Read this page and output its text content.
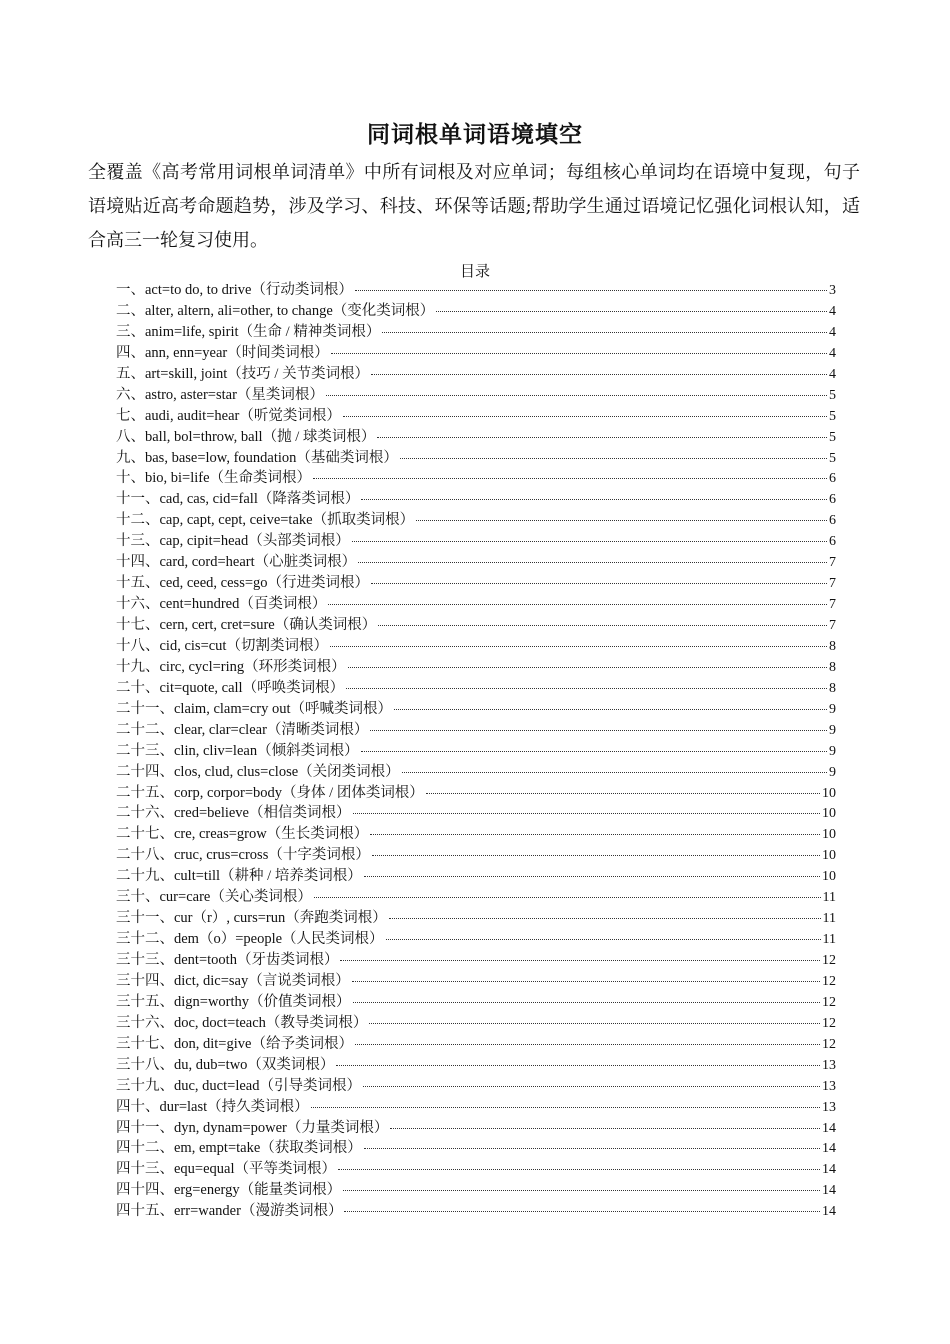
同词根单词语境填空
全覆盖《高考常用词根单词清单》中所有词根及对应单词；每组核心单词均在语境中复现，句子语境贴近高考命题趋势，涉及学习、科技、环保等话题;帮助学生通过语境记忆强化词根认知，适合高三一轮复习使用。
目录
一、act=to do, to drive（行动类词根）	3
二、alter, altern, ali=other, to change（变化类词根）	4
三、anim=life, spirit（生命 / 精神类词根）	4
四、ann, enn=year（时间类词根）	4
五、art=skill, joint（技巧 / 关节类词根）	4
六、astro, aster=star（星类词根）	5
七、audi, audit=hear（听觉类词根）	5
八、ball, bol=throw, ball（抛 / 球类词根）	5
九、bas, base=low, foundation（基础类词根）	5
十、bio, bi=life（生命类词根）	6
十一、cad, cas, cid=fall（降落类词根）	6
十二、cap, capt, cept, ceive=take（抓取类词根）	6
十三、cap, cipit=head（头部类词根）	6
十四、card, cord=heart（心脏类词根）	7
十五、ced, ceed, cess=go（行进类词根）	7
十六、cent=hundred（百类词根）	7
十七、cern, cert, cret=sure（确认类词根）	7
十八、cid, cis=cut（切割类词根）	8
十九、circ, cycl=ring（环形类词根）	8
二十、cit=quote, call（呼唤类词根）	8
二十一、claim, clam=cry out（呼喊类词根）	9
二十二、clear, clar=clear（清晰类词根）	9
二十三、clin, cliv=lean（倾斜类词根）	9
二十四、clos, clud, clus=close（关闭类词根）	9
二十五、corp, corpor=body（身体 / 团体类词根）	10
二十六、cred=believe（相信类词根）	10
二十七、cre, creas=grow（生长类词根）	10
二十八、cruc, crus=cross（十字类词根）	10
二十九、cult=till（耕种 / 培养类词根）	10
三十、cur=care（关心类词根）	11
三十一、cur（r）, curs=run（奔跑类词根）	11
三十二、dem（o）=people（人民类词根）	11
三十三、dent=tooth（牙齿类词根）	12
三十四、dict, dic=say（言说类词根）	12
三十五、dign=worthy（价值类词根）	12
三十六、doc, doct=teach（教导类词根）	12
三十七、don, dit=give（给予类词根）	12
三十八、du, dub=two（双类词根）	13
三十九、duc, duct=lead（引导类词根）	13
四十、dur=last（持久类词根）	13
四十一、dyn, dynam=power（力量类词根）	14
四十二、em, empt=take（获取类词根）	14
四十三、equ=equal（平等类词根）	14
四十四、erg=energy（能量类词根）	14
四十五、err=wander（漫游类词根）	14
